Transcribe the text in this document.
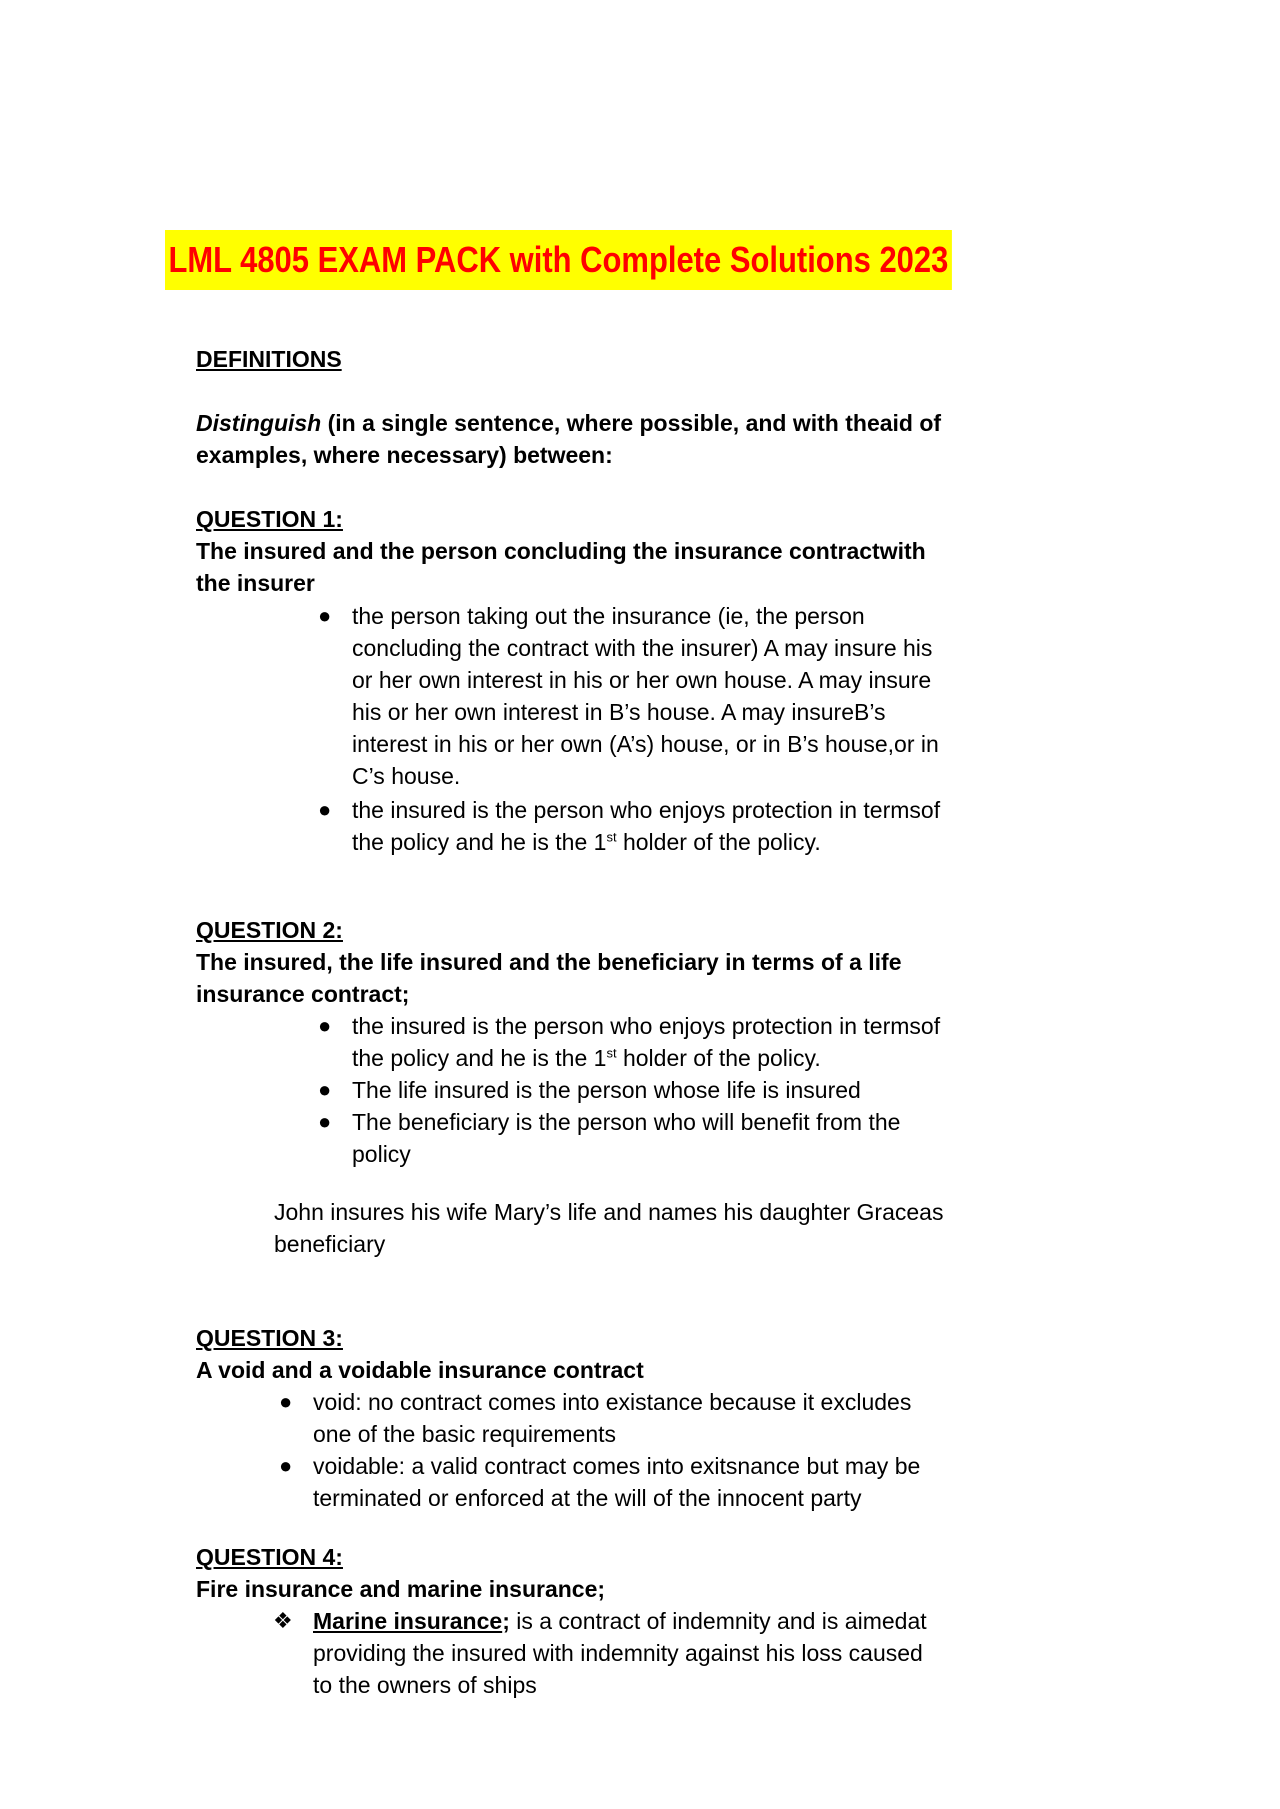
LML 4805 EXAM PACK with Complete Solutions 2023
DEFINITIONS
Distinguish (in a single sentence, where possible, and with theaid of
examples, where necessary) between:
QUESTION 1:
The insured and the person concluding the insurance contractwith
the insurer
● the person taking out the insurance (ie, the person
concluding the contract with the insurer) A may insure his
or her own interest in his or her own house. A may insure
his or her own interest in B’s house. A may insureB’s
interest in his or her own (A’s) house, or in B’s house,or in
C’s house.
● the insured is the person who enjoys protection in termsof
the policy and he is the 1st holder of the policy.
QUESTION 2:
The insured, the life insured and the beneficiary in terms of a life
insurance contract;
● the insured is the person who enjoys protection in termsof
the policy and he is the 1st holder of the policy.
● The life insured is the person whose life is insured
● The beneficiary is the person who will benefit from the
policy
John insures his wife Mary’s life and names his daughter Graceas
beneficiary
QUESTION 3:
A void and a voidable insurance contract
● void: no contract comes into existance because it excludes
one of the basic requirements
● voidable: a valid contract comes into exitsnance but may be
terminated or enforced at the will of the innocent party
QUESTION 4:
Fire insurance and marine insurance;
❖ Marine insurance; is a contract of indemnity and is aimedat
providing the insured with indemnity against his loss caused
to the owners of ships
